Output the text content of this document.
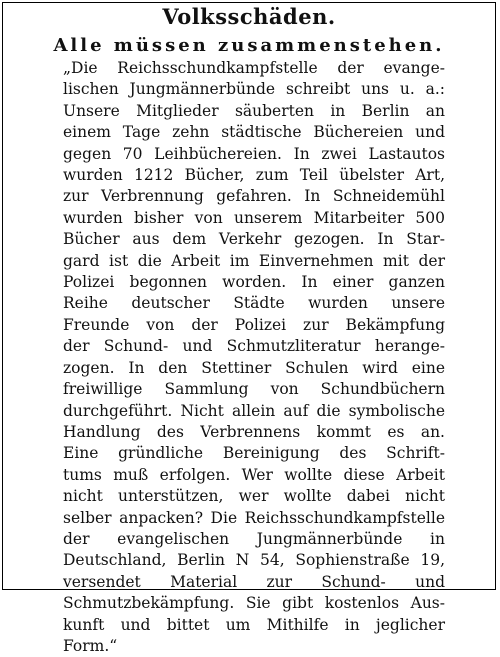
Volksschäden.
Alle müssen zusammenstehen.
„Die Reichsschundkampfstelle der evange-
lischen Jungmännerbünde schreibt uns u. a.:
Unsere Mitglieder säuberten in Berlin an
einem Tage zehn städtische Büchereien und
gegen 70 Leihbüchereien. In zwei Lastautos
wurden 1212 Bücher, zum Teil übelster Art,
zur Verbrennung gefahren. In Schneidemühl
wurden bisher von unserem Mitarbeiter 500
Bücher aus dem Verkehr gezogen. In Star-
gard ist die Arbeit im Einvernehmen mit der
Polizei begonnen worden. In einer ganzen
Reihe deutscher Städte wurden unsere
Freunde von der Polizei zur Bekämpfung
der Schund- und Schmutzliteratur herange-
zogen. In den Stettiner Schulen wird eine
freiwillige Sammlung von Schundbüchern
durchgeführt. Nicht allein auf die symbolische
Handlung des Verbrennens kommt es an.
Eine gründliche Bereinigung des Schrift-
tums muß erfolgen. Wer wollte diese Arbeit
nicht unterstützen, wer wollte dabei nicht
selber anpacken? Die Reichsschundkampfstelle
der evangelischen Jungmännerbünde in
Deutschland, Berlin N 54, Sophienstraße 19,
versendet Material zur Schund- und
Schmutzbekämpfung. Sie gibt kostenlos Aus-
kunft und bittet um Mithilfe in jeglicher
Form.“
